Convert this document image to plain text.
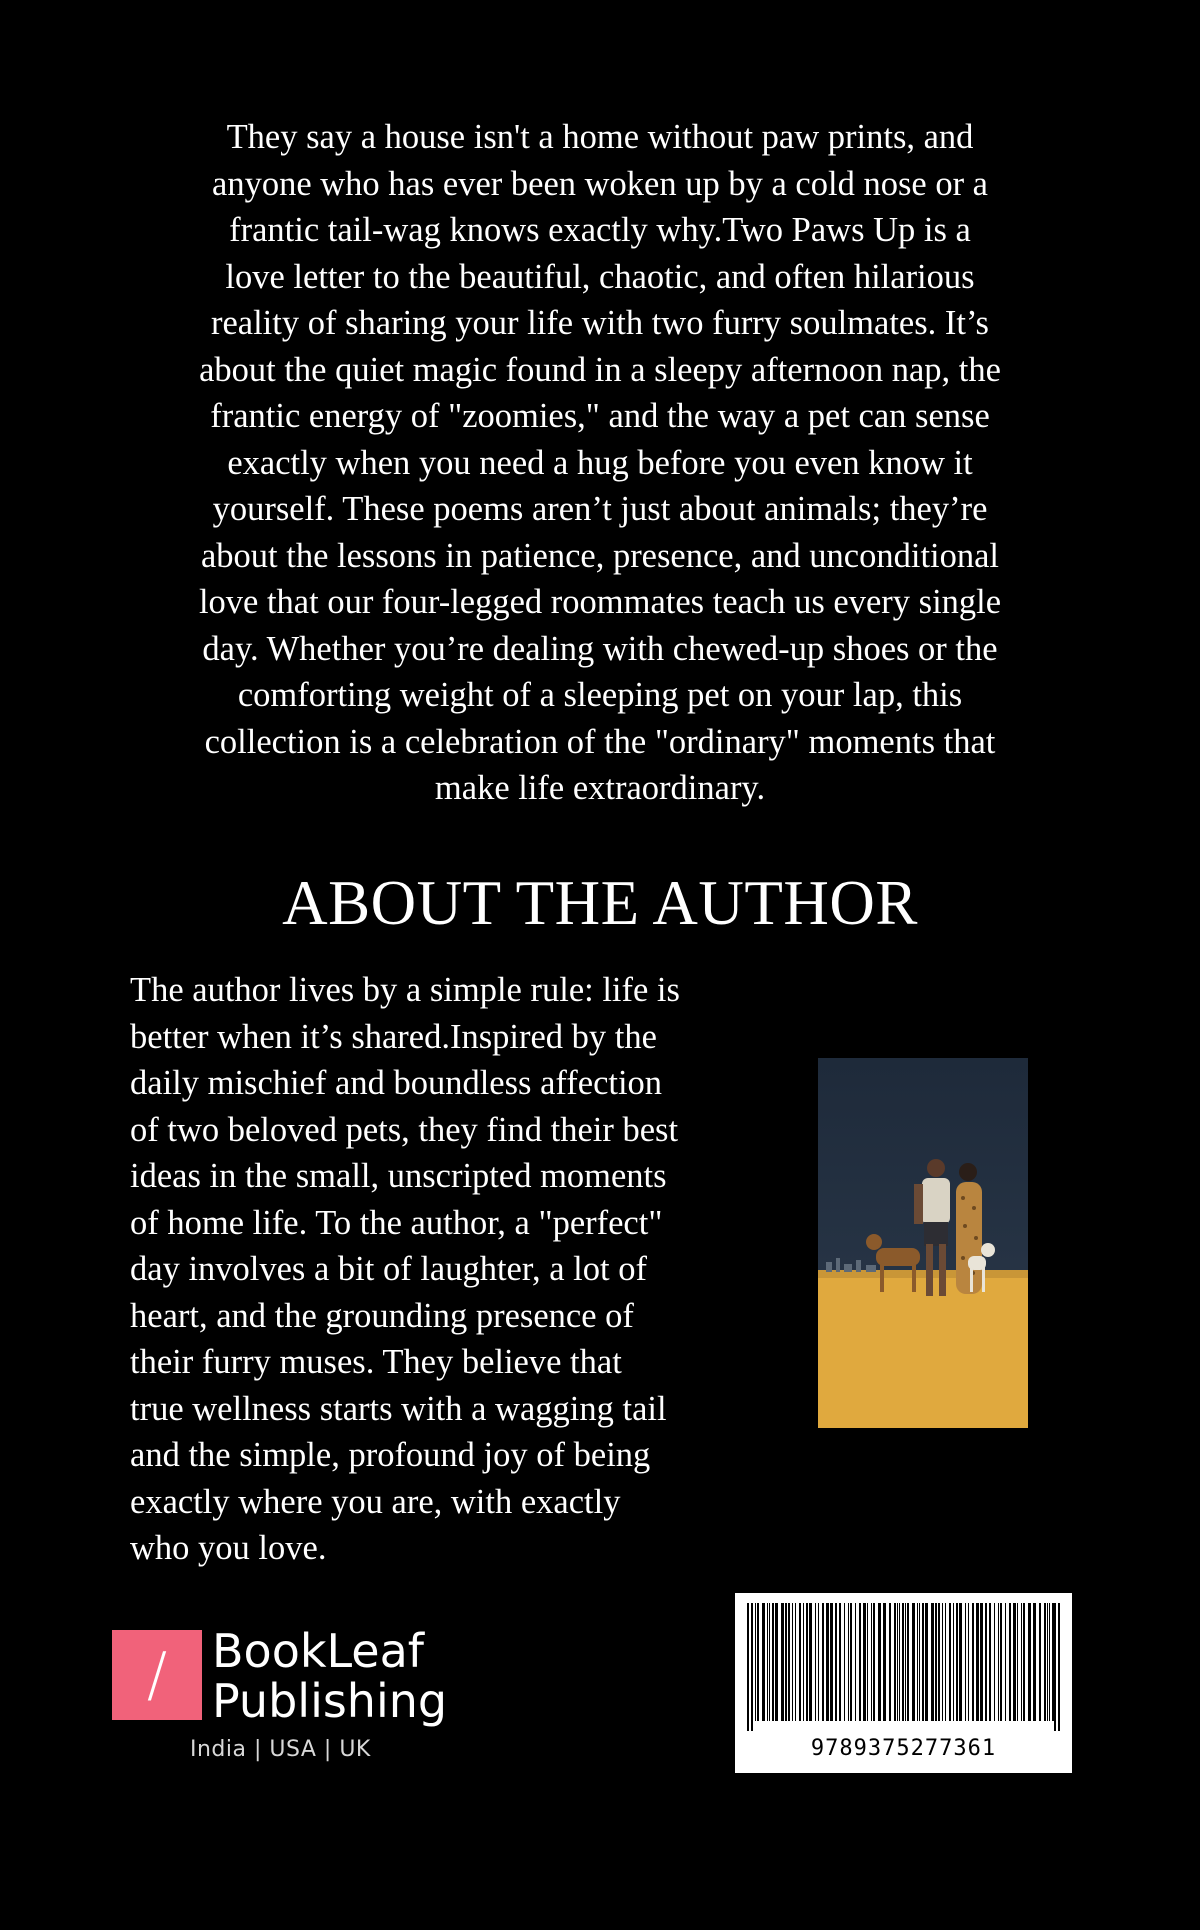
They say a house isn't a home without paw prints, and
anyone who has ever been woken up by a cold nose or a
frantic tail-wag knows exactly why.Two Paws Up is a
love letter to the beautiful, chaotic, and often hilarious
reality of sharing your life with two furry soulmates. It’s
about the quiet magic found in a sleepy afternoon nap, the
frantic energy of "zoomies," and the way a pet can sense
exactly when you need a hug before you even know it
yourself. These poems aren’t just about animals; they’re
about the lessons in patience, presence, and unconditional
love that our four-legged roommates teach us every single
day. Whether you’re dealing with chewed-up shoes or the
comforting weight of a sleeping pet on your lap, this
collection is a celebration of the "ordinary" moments that
make life extraordinary.
ABOUT THE AUTHOR
The author lives by a simple rule: life is
better when it’s shared.Inspired by the
daily mischief and boundless affection
of two beloved pets, they find their best
ideas in the small, unscripted moments
of home life. To the author, a "perfect"
day involves a bit of laughter, a lot of
heart, and the grounding presence of
their furry muses. They believe that
true wellness starts with a wagging tail
and the simple, profound joy of being
exactly where you are, with exactly
who you love.
/ BookLeaf
Publishing
India | USA | UK	9789375277361
